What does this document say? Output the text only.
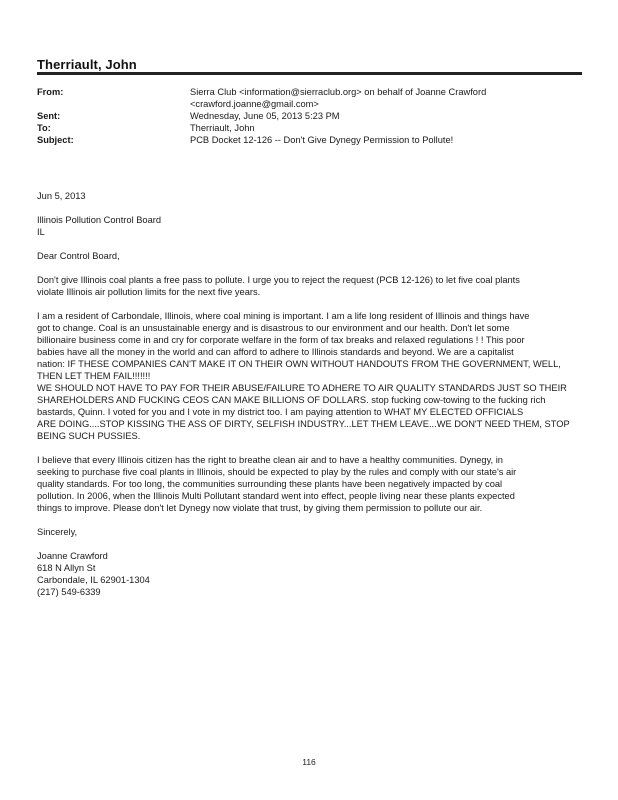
Therriault, John
From:	Sierra Club <information@sierraclub.org> on behalf of Joanne Crawford
<crawford.joanne@gmail.com>
Sent:	Wednesday, June 05, 2013 5:23 PM
To:	Therriault, John
Subject:	PCB Docket 12-126 -- Don't Give Dynegy Permission to Pollute!
Jun 5, 2013
Illinois Pollution Control Board
IL
Dear Control Board,
Don't give Illinois coal plants a free pass to pollute. I urge you to reject the request (PCB 12-126) to let five coal plants
violate Illinois air pollution limits for the next five years.
I am a resident of Carbondale, Illinois, where coal mining is important. I am a life long resident of Illinois and things have
got to change. Coal is an unsustainable energy and is disastrous to our environment and our health. Don't let some
billionaire business come in and cry for corporate welfare in the form of tax breaks and relaxed regulations ! ! This poor
babies have all the money in the world and can afford to adhere to Illinois standards and beyond. We are a capitalist
nation: IF THESE COMPANIES CAN'T MAKE IT ON THEIR OWN WITHOUT HANDOUTS FROM THE GOVERNMENT, WELL,
THEN LET THEM FAIL!!!!!!!
WE SHOULD NOT HAVE TO PAY FOR THEIR ABUSE/FAILURE TO ADHERE TO AIR QUALITY STANDARDS JUST SO THEIR
SHAREHOLDERS AND FUCKING CEOS CAN MAKE BILLIONS OF DOLLARS. stop fucking cow-towing to the fucking rich
bastards, Quinn. I voted for you and I vote in my district too. I am paying attention to WHAT MY ELECTED OFFICIALS
ARE DOING....STOP KISSING THE ASS OF DIRTY, SELFISH INDUSTRY...LET THEM LEAVE...WE DON'T NEED THEM, STOP
BEING SUCH PUSSIES.
I believe that every Illinois citizen has the right to breathe clean air and to have a healthy communities. Dynegy, in
seeking to purchase five coal plants in Illinois, should be expected to play by the rules and comply with our state's air
quality standards. For too long, the communities surrounding these plants have been negatively impacted by coal
pollution. In 2006, when the Illinois Multi Pollutant standard went into effect, people living near these plants expected
things to improve. Please don't let Dynegy now violate that trust, by giving them permission to pollute our air.
Sincerely,
Joanne Crawford
618 N Allyn St
Carbondale, IL 62901-1304
(217) 549-6339
116
